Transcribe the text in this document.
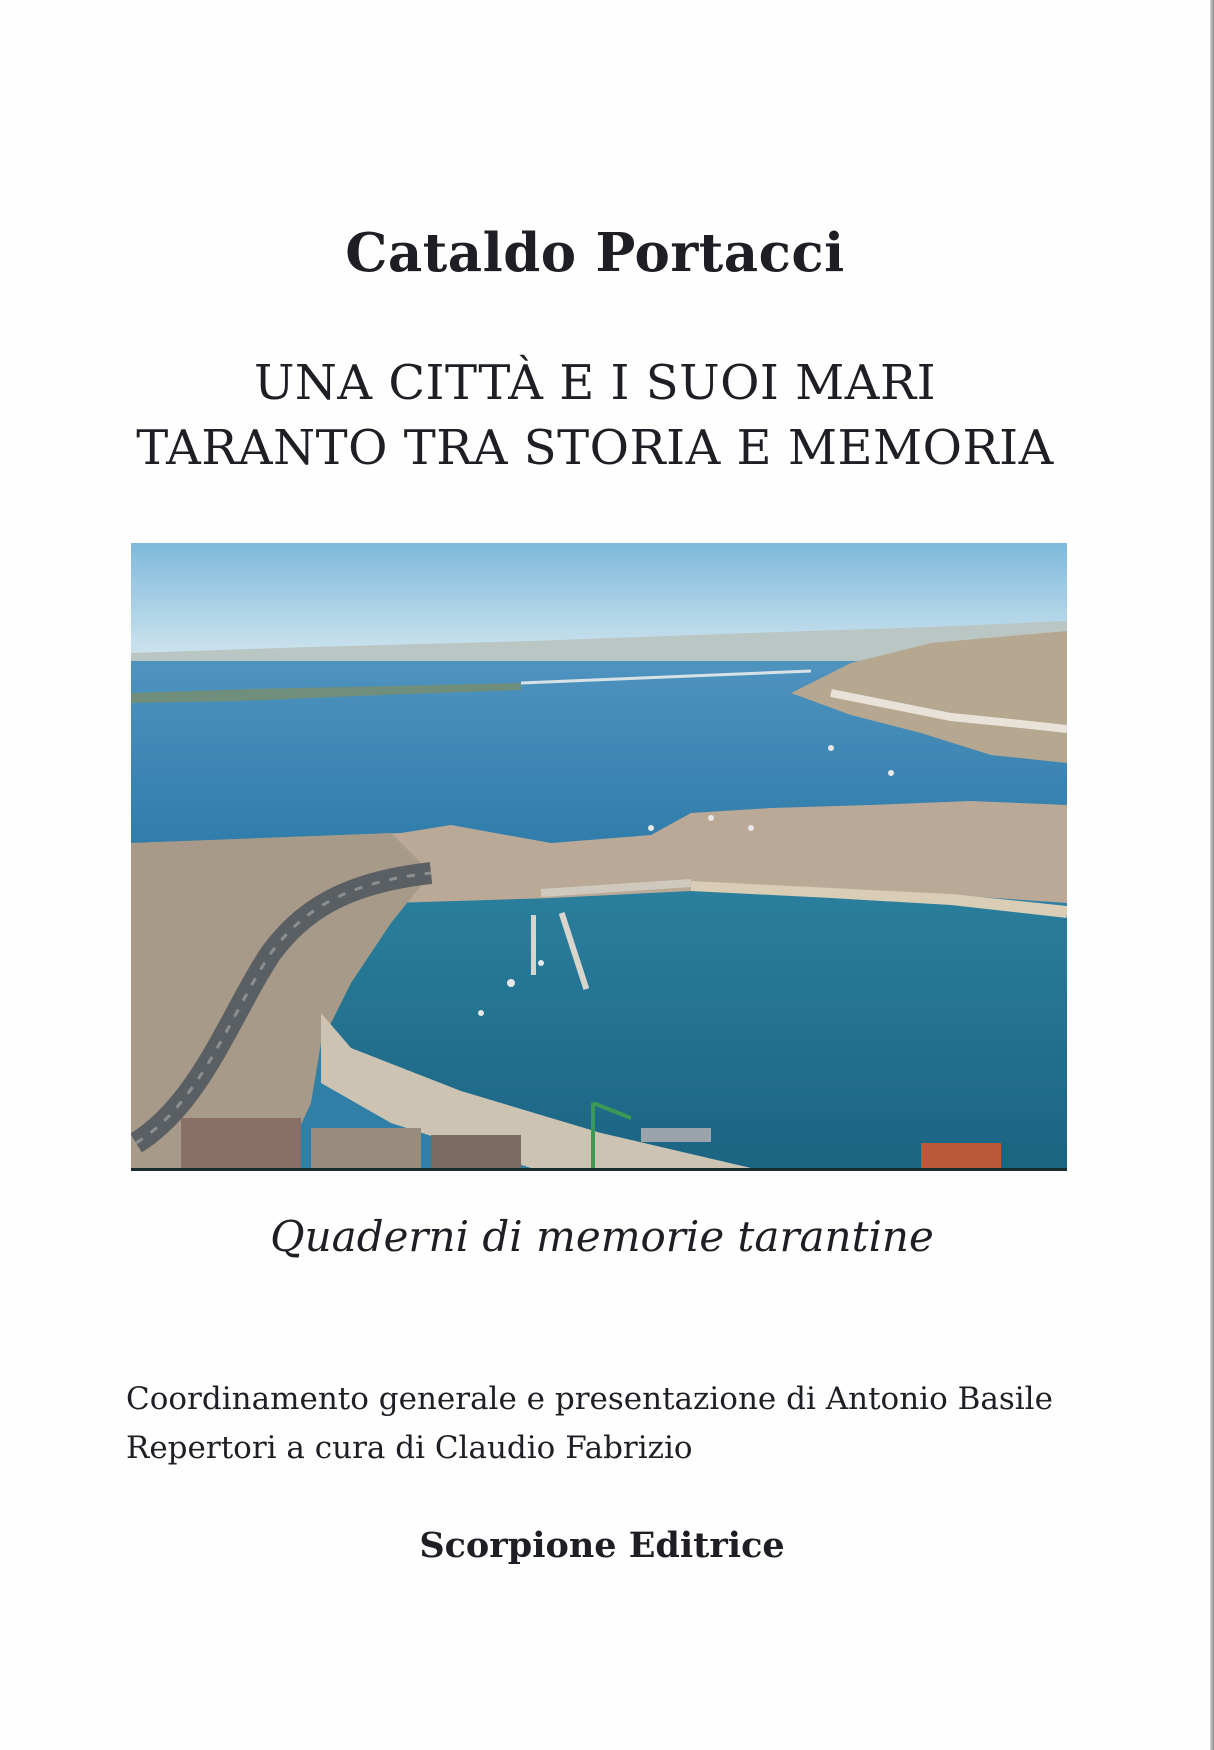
Cataldo Portacci
UNA CITTÀ E I SUOI MARI
TARANTO TRA STORIA E MEMORIA
Quaderni di memorie tarantine
Coordinamento generale e presentazione di Antonio Basile
Repertori a cura di Claudio Fabrizio
Scorpione Editrice
